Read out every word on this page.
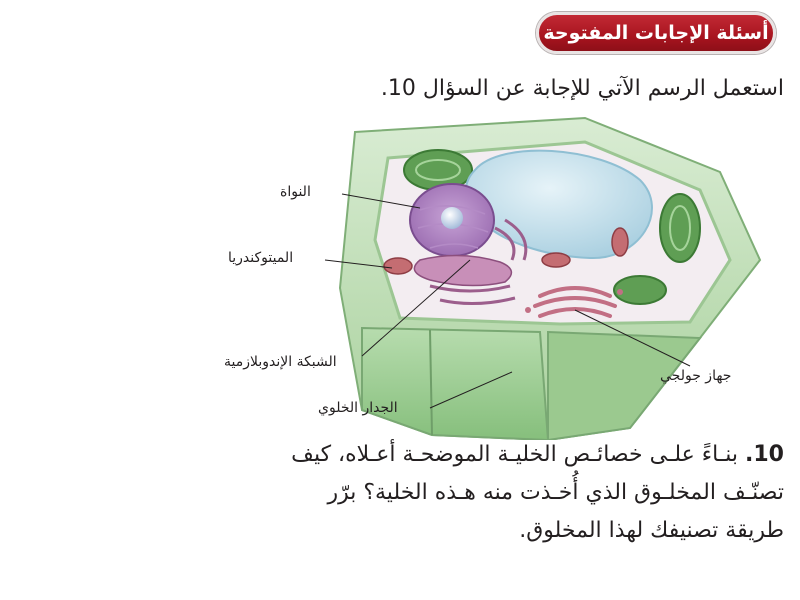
أسئلة الإجابات المفتوحة
استعمل الرسم الآتي للإجابة عن السؤال 10.
النواة
الميتوكندريا
الشبكة الإندوبلازمية
الجدار الخلوي
جهاز جولجي
10. بنـاءً علـى خصائـص الخليـة الموضحـة أعـلاه، كيف
تصنّـف المخلـوق الذي أُخـذت منه هـذه الخلية؟ برّر
طريقة تصنيفك لهذا المخلوق.
